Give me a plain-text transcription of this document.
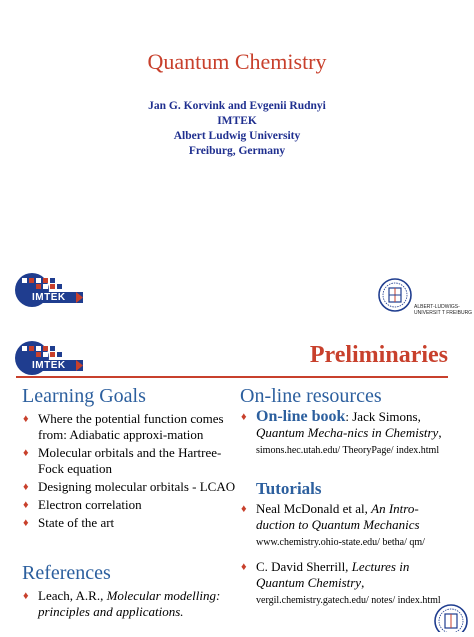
Quantum Chemistry
Jan G. Korvink and Evgenii Rudnyi
IMTEK
Albert Ludwig University
Freiburg, Germany
IMTEK
ALBERT-LUDWIGS-
UNIVERSIT T FREIBURG
IMTEK	Preliminaries
Learning Goals
♦ Where the potential function comes from: Adiabatic approxi-mation
♦ Molecular orbitals and the Hartree-Fock equation
♦ Designing molecular orbitals - LCAO
♦ Electron correlation
♦ State of the art
References
♦ Leach, A.R., Molecular modelling: principles and applications.
On-line resources
♦ On-line book: Jack Simons, Quantum Mecha-nics in Chemistry, simons.hec.utah.edu/ TheoryPage/ index.html
Tutorials
♦ Neal McDonald et al, An Intro-duction to Quantum Mechanics
www.chemistry.ohio-state.edu/ betha/ qm/
♦ C. David Sherrill, Lectures in Quantum Chemistry,
vergil.chemistry.gatech.edu/ notes/ index.html
